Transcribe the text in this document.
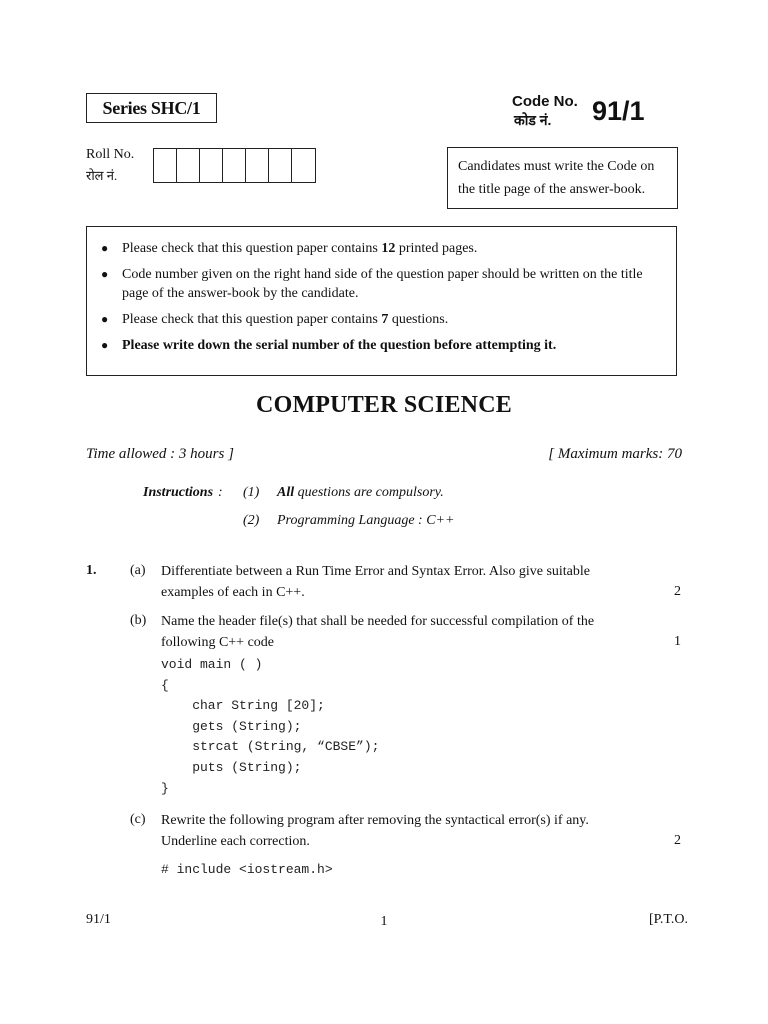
Series SHC/1	Code No.
कोड नं. 91/1
Roll No.
रोल नं.
Candidates must write the Code on
the title page of the answer-book.
● Please check that this question paper contains 12 printed pages.
● Code number given on the right hand side of the question paper should be written on the title page of the answer-book by the candidate.
● Please check that this question paper contains 7 questions.
● Please write down the serial number of the question before attempting it.
COMPUTER SCIENCE
Time allowed : 3 hours ]	[ Maximum marks: 70
Instructions : (1)	All questions are compulsory.
(2)	Programming Language : C++
1. (a) Differentiate between a Run Time Error and Syntax Error. Also give suitable
examples of each in C++.	2
(b) Name the header file(s) that shall be needed for successful compilation of the
following C++ code	1
void main ( )
{
char String [20];
gets (String);
strcat (String, “CBSE”);
puts (String);
}
(c) Rewrite the following program after removing the syntactical error(s) if any.
Underline each correction.	2
# include <iostream.h>
91/1	1	[P.T.O.
